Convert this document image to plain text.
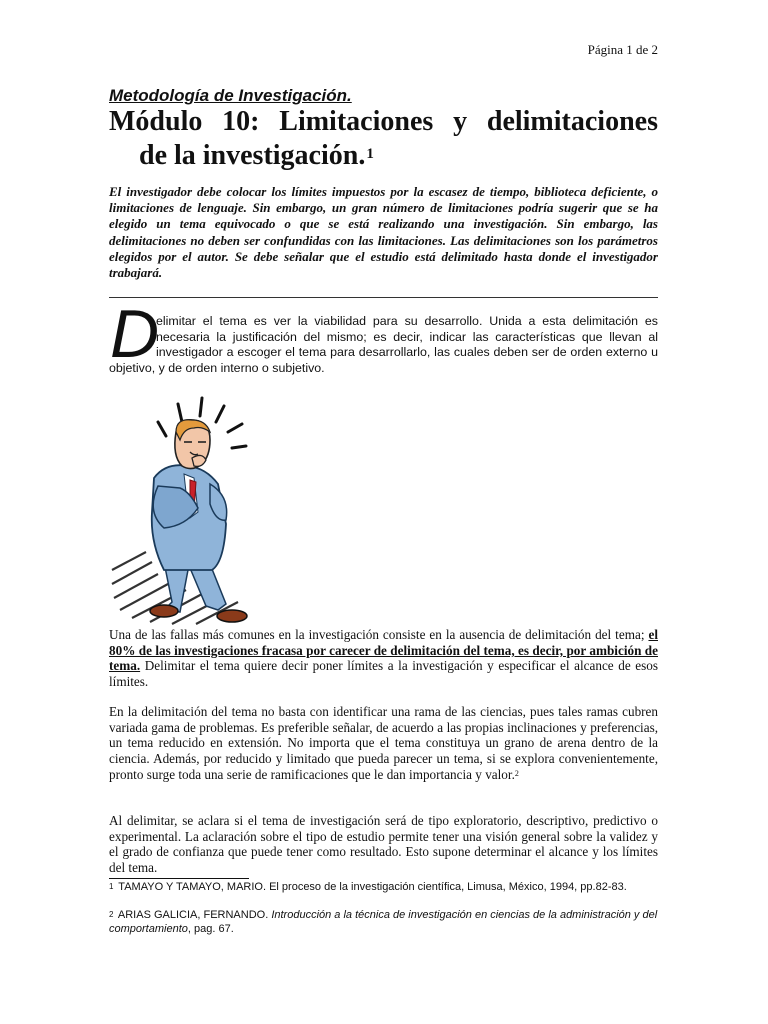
Página 1 de 2
Metodología de Investigación.
Módulo 10: Limitaciones y delimitaciones
de la investigación.$^1$

El investigador debe colocar los límites impuestos por la escasez de tiempo, biblioteca deficiente, o limitaciones de lenguaje. Sin embargo, un gran número de limitaciones podría sugerir que se ha elegido un tema equivocado o que se está realizando una investigación. Sin embargo, las delimitaciones no deben ser confundidas con las limitaciones. Las delimitaciones son los parámetros elegidos por el autor. Se debe señalar que el estudio está delimitado hasta donde el investigador trabajará.

D

elimitar el tema es ver la viabilidad para su desarrollo. Unida a esta delimitación es necesaria la justificación del mismo; es decir, indicar las características que llevan al investigador a escoger el tema para desarrollarlo, las cuales deben ser de orden externo u objetivo, y de orden interno o subjetivo.

Una de las fallas más comunes en la investigación consiste en la ausencia de delimitación del tema; el 80% de las investigaciones fracasa por carecer de delimitación del tema, es decir, por ambición de tema. Delimitar el tema quiere decir poner límites a la investigación y especificar el alcance de esos límites.

En la delimitación del tema no basta con identificar una rama de las ciencias, pues tales ramas cubren variada gama de problemas. Es preferible señalar, de acuerdo a las propias inclinaciones y preferencias, un tema reducido en extensión. No importa que el tema constituya un grano de arena dentro de la ciencia. Además, por reducido y limitado que pueda parecer un tema, si se explora convenientemente, pronto surge toda una serie de ramificaciones que le dan importancia y valor.$^2$

Al delimitar, se aclara si el tema de investigación será de tipo exploratorio, descriptivo, predictivo o experimental. La aclaración sobre el tipo de estudio permite tener una visión general sobre la validez y el grado de confianza que puede tener como resultado. Esto supone determinar el alcance y los límites del tema.

$^1$ TAMAYO Y TAMAYO, MARIO. El proceso de la investigación científica, Limusa, México, 1994, pp.82-83.

$^2$ ARIAS GALICIA, FERNANDO. Introducción a la técnica de investigación en ciencias de la administración y del comportamiento, pag. 67.
